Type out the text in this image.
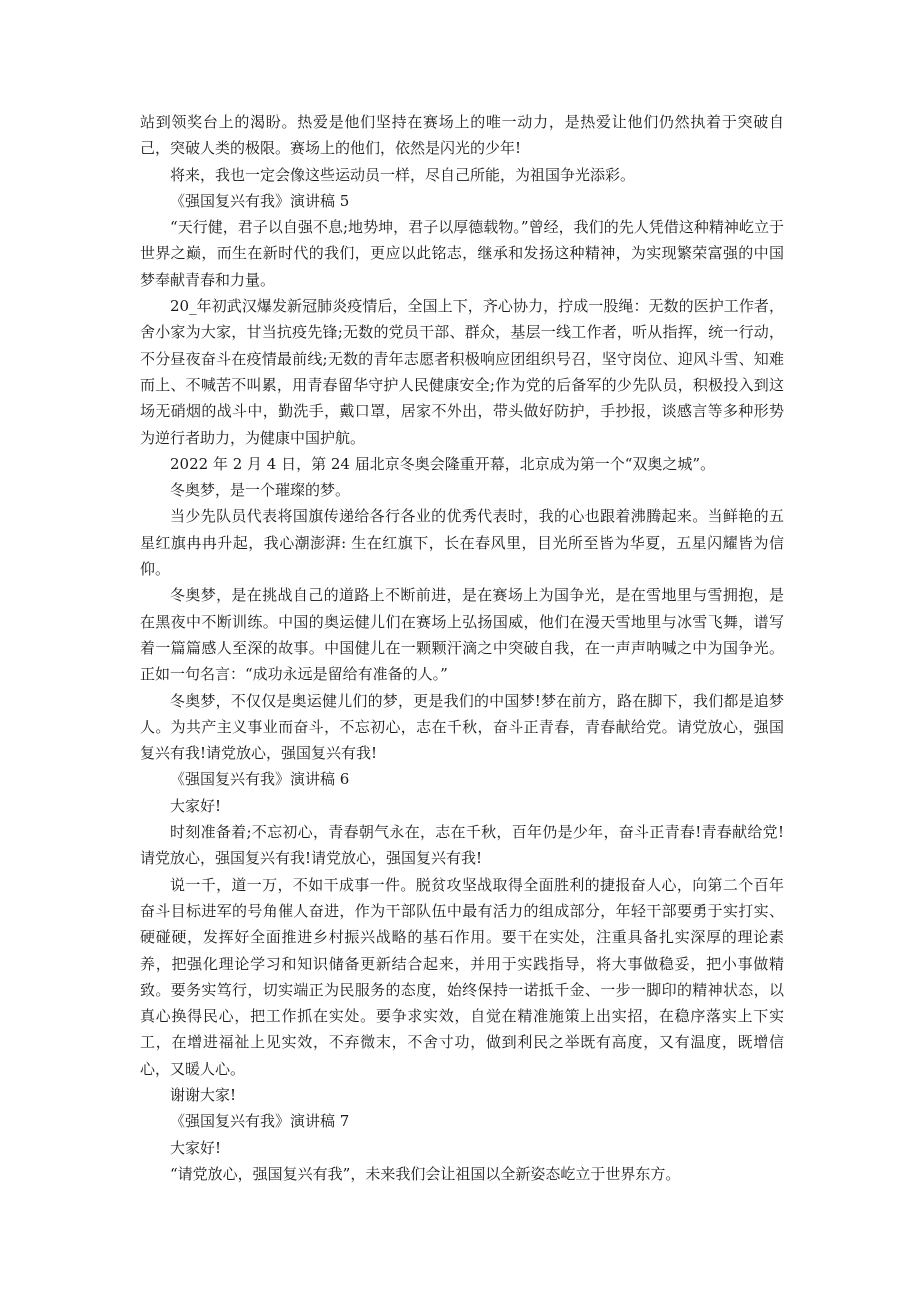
站到领奖台上的渴盼。热爱是他们坚持在赛场上的唯一动力，是热爱让他们仍然执着于突破自己，突破人类的极限。赛场上的他们，依然是闪光的少年!

将来，我也一定会像这些运动员一样，尽自己所能，为祖国争光添彩。

《强国复兴有我》演讲稿 5

“天行健，君子以自强不息;地势坤，君子以厚德载物。”曾经，我们的先人凭借这种精神屹立于世界之巅，而生在新时代的我们，更应以此铭志，继承和发扬这种精神，为实现繁荣富强的中国梦奉献青春和力量。

20_年初武汉爆发新冠肺炎疫情后，全国上下，齐心协力，拧成一股绳：无数的医护工作者，舍小家为大家，甘当抗疫先锋;无数的党员干部、群众，基层一线工作者，听从指挥，统一行动，不分昼夜奋斗在疫情最前线;无数的青年志愿者积极响应团组织号召，坚守岗位、迎风斗雪、知难而上、不喊苦不叫累，用青春留华守护人民健康安全;作为党的后备军的少先队员，积极投入到这场无硝烟的战斗中，勤洗手，戴口罩，居家不外出，带头做好防护，手抄报，谈感言等多种形势为逆行者助力，为健康中国护航。

2022 年 2 月 4 日，第 24 届北京冬奥会隆重开幕，北京成为第一个“双奥之城”。

冬奥梦，是一个璀璨的梦。

当少先队员代表将国旗传递给各行各业的优秀代表时，我的心也跟着沸腾起来。当鲜艳的五星红旗冉冉升起，我心潮澎湃: 生在红旗下，长在春风里，目光所至皆为华夏，五星闪耀皆为信仰。

冬奥梦，是在挑战自己的道路上不断前进，是在赛场上为国争光，是在雪地里与雪拥抱，是在黑夜中不断训练。中国的奥运健儿们在赛场上弘扬国威，他们在漫天雪地里与冰雪飞舞，谱写着一篇篇感人至深的故事。中国健儿在一颗颗汗滴之中突破自我，在一声声呐喊之中为国争光。正如一句名言：“成功永远是留给有准备的人。”

冬奥梦，不仅仅是奥运健儿们的梦，更是我们的中国梦!梦在前方，路在脚下，我们都是追梦人。为共产主义事业而奋斗，不忘初心，志在千秋，奋斗正青春，青春献给党。请党放心，强国复兴有我!请党放心，强国复兴有我!

《强国复兴有我》演讲稿 6

大家好!

时刻准备着;不忘初心，青春朝气永在，志在千秋，百年仍是少年，奋斗正青春!青春献给党!请党放心，强国复兴有我!请党放心，强国复兴有我!

说一千，道一万，不如干成事一件。脱贫攻坚战取得全面胜利的捷报奋人心，向第二个百年奋斗目标进军的号角催人奋进，作为干部队伍中最有活力的组成部分，年轻干部要勇于实打实、硬碰硬，发挥好全面推进乡村振兴战略的基石作用。要干在实处，注重具备扎实深厚的理论素养，把强化理论学习和知识储备更新结合起来，并用于实践指导，将大事做稳妥，把小事做精致。要务实笃行，切实端正为民服务的态度，始终保持一诺抵千金、一步一脚印的精神状态，以真心换得民心，把工作抓在实处。要争求实效，自觉在精准施策上出实招，在稳序落实上下实工，在增进福祉上见实效，不弃微末，不舍寸功，做到利民之举既有高度，又有温度，既增信心，又暖人心。

谢谢大家!

《强国复兴有我》演讲稿 7

大家好!

“请党放心，强国复兴有我”，未来我们会让祖国以全新姿态屹立于世界东方。
